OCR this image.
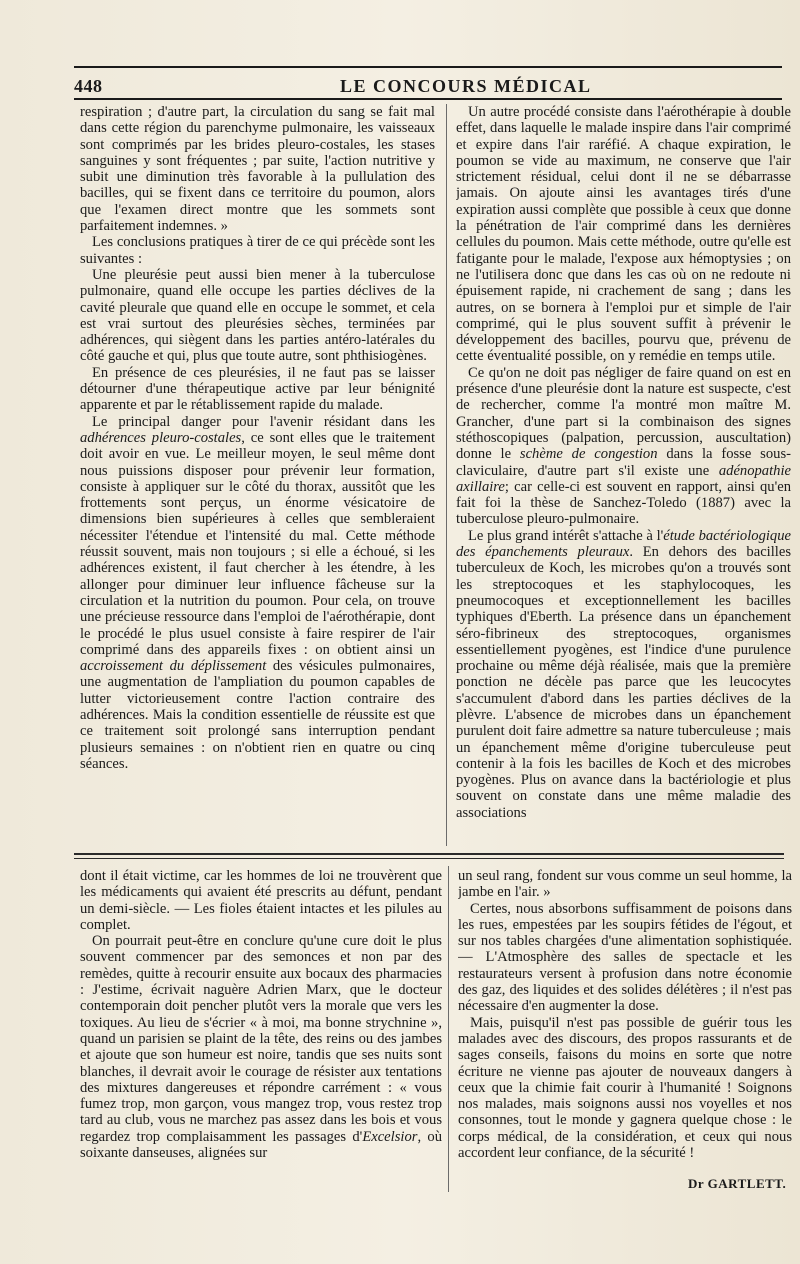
448	LE CONCOURS MÉDICAL

respiration ; d'autre part, la circulation du sang se fait mal dans cette région du parenchyme pulmonaire, les vaisseaux sont comprimés par les brides pleuro-costales, les stases sanguines y sont fréquentes ; par suite, l'action nutritive y subit une diminution très favorable à la pullulation des bacilles, qui se fixent dans ce territoire du poumon, alors que l'examen direct montre que les sommets sont parfaitement indemnes. »

Les conclusions pratiques à tirer de ce qui précède sont les suivantes :

Une pleurésie peut aussi bien mener à la tuberculose pulmonaire, quand elle occupe les parties déclives de la cavité pleurale que quand elle en occupe le sommet, et cela est vrai surtout des pleurésies sèches, terminées par adhérences, qui siègent dans les parties antéro-latérales du côté gauche et qui, plus que toute autre, sont phthisiogènes.

En présence de ces pleurésies, il ne faut pas se laisser détourner d'une thérapeutique active par leur bénignité apparente et par le rétablissement rapide du malade.

Le principal danger pour l'avenir résidant dans les adhérences pleuro-costales, ce sont elles que le traitement doit avoir en vue. Le meilleur moyen, le seul même dont nous puissions disposer pour prévenir leur formation, consiste à appliquer sur le côté du thorax, aussitôt que les frottements sont perçus, un énorme vésicatoire de dimensions bien supérieures à celles que sembleraient nécessiter l'étendue et l'intensité du mal. Cette méthode réussit souvent, mais non toujours ; si elle a échoué, si les adhérences existent, il faut chercher à les étendre, à les allonger pour diminuer leur influence fâcheuse sur la circulation et la nutrition du poumon. Pour cela, on trouve une précieuse ressource dans l'emploi de l'aérothérapie, dont le procédé le plus usuel consiste à faire respirer de l'air comprimé dans des appareils fixes : on obtient ainsi un accroissement du déplissement des vésicules pulmonaires, une augmentation de l'ampliation du poumon capables de lutter victorieusement contre l'action contraire des adhérences. Mais la condition essentielle de réussite est que ce traitement soit prolongé sans interruption pendant plusieurs semaines : on n'obtient rien en quatre ou cinq séances.

Un autre procédé consiste dans l'aérothérapie à double effet, dans laquelle le malade inspire dans l'air comprimé et expire dans l'air raréfié. A chaque expiration, le poumon se vide au maximum, ne conserve que l'air strictement résidual, celui dont il ne se débarrasse jamais. On ajoute ainsi les avantages tirés d'une expiration aussi complète que possible à ceux que donne la pénétration de l'air comprimé dans les dernières cellules du poumon. Mais cette méthode, outre qu'elle est fatigante pour le malade, l'expose aux hémoptysies ; on ne l'utilisera donc que dans les cas où on ne redoute ni épuisement rapide, ni crachement de sang ; dans les autres, on se bornera à l'emploi pur et simple de l'air comprimé, qui le plus souvent suffit à prévenir le développement des bacilles, pourvu que, prévenu de cette éventualité possible, on y remédie en temps utile.

Ce qu'on ne doit pas négliger de faire quand on est en présence d'une pleurésie dont la nature est suspecte, c'est de rechercher, comme l'a montré mon maître M. Grancher, d'une part si la combinaison des signes stéthoscopiques (palpation, percussion, auscultation) donne le schème de congestion dans la fosse sous-claviculaire, d'autre part s'il existe une adénopathie axillaire; car celle-ci est souvent en rapport, ainsi qu'en fait foi la thèse de Sanchez-Toledo (1887) avec la tuberculose pleuro-pulmonaire.

Le plus grand intérêt s'attache à l'étude bactériologique des épanchements pleuraux. En dehors des bacilles tuberculeux de Koch, les microbes qu'on a trouvés sont les streptocoques et les staphylocoques, les pneumocoques et exceptionnellement les bacilles typhiques d'Eberth. La présence dans un épanchement séro-fibrineux des streptocoques, organismes essentiellement pyogènes, est l'indice d'une purulence prochaine ou même déjà réalisée, mais que la première ponction ne décèle pas parce que les leucocytes s'accumulent d'abord dans les parties déclives de la plèvre. L'absence de microbes dans un épanchement purulent doit faire admettre sa nature tuberculeuse ; mais un épanchement même d'origine tuberculeuse peut contenir à la fois les bacilles de Koch et des microbes pyogènes. Plus on avance dans la bactériologie et plus souvent on constate dans une même maladie des associations

dont il était victime, car les hommes de loi ne trouvèrent que les médicaments qui avaient été prescrits au défunt, pendant un demi-siècle. — Les fioles étaient intactes et les pilules au complet.

On pourrait peut-être en conclure qu'une cure doit le plus souvent commencer par des semonces et non par des remèdes, quitte à recourir ensuite aux bocaux des pharmacies : J'estime, écrivait naguère Adrien Marx, que le docteur contemporain doit pencher plutôt vers la morale que vers les toxiques. Au lieu de s'écrier « à moi, ma bonne strychnine », quand un parisien se plaint de la tête, des reins ou des jambes et ajoute que son humeur est noire, tandis que ses nuits sont blanches, il devrait avoir le courage de résister aux tentations des mixtures dangereuses et répondre carrément : « vous fumez trop, mon garçon, vous mangez trop, vous restez trop tard au club, vous ne marchez pas assez dans les bois et vous regardez trop complaisamment les passages d'Excelsior, où soixante danseuses, alignées sur

un seul rang, fondent sur vous comme un seul homme, la jambe en l'air. »

Certes, nous absorbons suffisamment de poisons dans les rues, empestées par les soupirs fétides de l'égout, et sur nos tables chargées d'une alimentation sophistiquée. — L'Atmosphère des salles de spectacle et les restaurateurs versent à profusion dans notre économie des gaz, des liquides et des solides délétères ; il n'est pas nécessaire d'en augmenter la dose.

Mais, puisqu'il n'est pas possible de guérir tous les malades avec des discours, des propos rassurants et de sages conseils, faisons du moins en sorte que notre écriture ne vienne pas ajouter de nouveaux dangers à ceux que la chimie fait courir à l'humanité ! Soignons nos malades, mais soignons aussi nos voyelles et nos consonnes, tout le monde y gagnera quelque chose : le corps médical, de la considération, et ceux qui nous accordent leur confiance, de la sécurité !

Dr GARTLETT.
